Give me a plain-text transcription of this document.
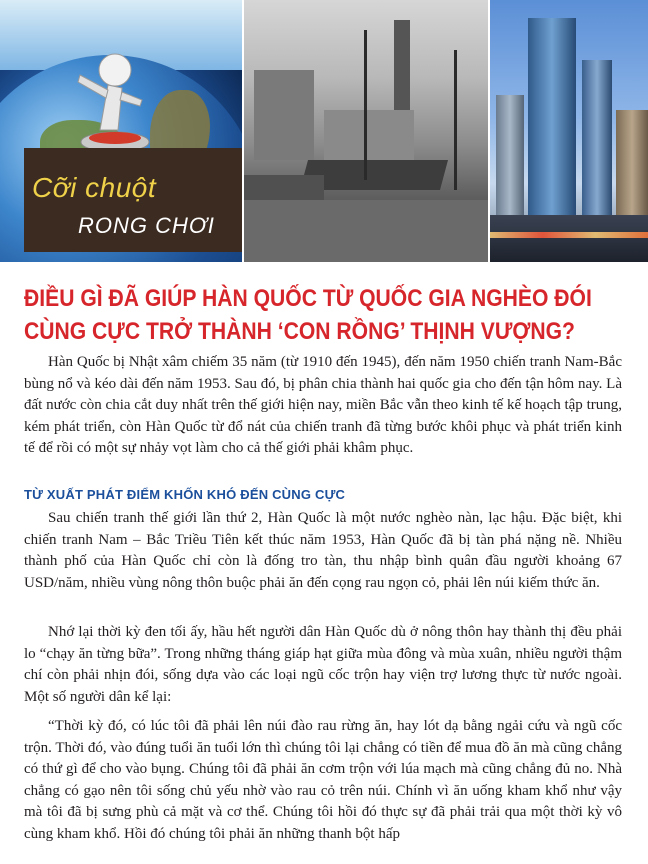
Cỡi chuột
RONG CHƠI
ĐIỀU GÌ ĐÃ GIÚP HÀN QUỐC TỪ QUỐC GIA NGHÈO ĐÓI
CÙNG CỰC TRỞ THÀNH ‘CON RỒNG’ THỊNH VƯỢNG?

Hàn Quốc bị Nhật xâm chiếm 35 năm (từ 1910 đến 1945), đến năm 1950 chiến tranh Nam-Bắc bùng nổ và kéo dài đến năm 1953. Sau đó, bị phân chia thành hai quốc gia cho đến tận hôm nay. Là đất nước còn chia cắt duy nhất trên thế giới hiện nay, miền Bắc vẫn theo kinh tế kế hoạch tập trung, kém phát triển, còn Hàn Quốc từ đổ nát của chiến tranh đã từng bước khôi phục và phát triển kinh tế để rồi có một sự nhảy vọt làm cho cả thế giới phải khâm phục.

TỪ XUẤT PHÁT ĐIỂM KHỐN KHÓ ĐẾN CÙNG CỰC

Sau chiến tranh thế giới lần thứ 2, Hàn Quốc là một nước nghèo nàn, lạc hậu. Đặc biệt, khi chiến tranh Nam – Bắc Triều Tiên kết thúc năm 1953, Hàn Quốc đã bị tàn phá nặng nề. Nhiều thành phố của Hàn Quốc chỉ còn là đống tro tàn, thu nhập bình quân đầu người khoảng 67 USD/năm, nhiều vùng nông thôn buộc phải ăn đến cọng rau ngọn cỏ, phải lên núi kiếm thức ăn.

Nhớ lại thời kỳ đen tối ấy, hầu hết người dân Hàn Quốc dù ở nông thôn hay thành thị đều phải lo “chạy ăn từng bữa”. Trong những tháng giáp hạt giữa mùa đông và mùa xuân, nhiều người thậm chí còn phải nhịn đói, sống dựa vào các loại ngũ cốc trộn hay viện trợ lương thực từ nước ngoài. Một số người dân kể lại:

“Thời kỳ đó, có lúc tôi đã phải lên núi đào rau rừng ăn, hay lót dạ bằng ngải cứu và ngũ cốc trộn. Thời đó, vào đúng tuổi ăn tuổi lớn thì chúng tôi lại chẳng có tiền để mua đồ ăn mà cũng chẳng có thứ gì để cho vào bụng. Chúng tôi đã phải ăn cơm trộn với lúa mạch mà cũng chẳng đủ no. Nhà chẳng có gạo nên tôi sống chủ yếu nhờ vào rau cỏ trên núi. Chính vì ăn uống kham khổ như vậy mà tôi đã bị sưng phù cả mặt và cơ thể. Chúng tôi hồi đó thực sự đã phải trải qua một thời kỳ vô cùng kham khổ. Hồi đó chúng tôi phải ăn những thanh bột hấp
